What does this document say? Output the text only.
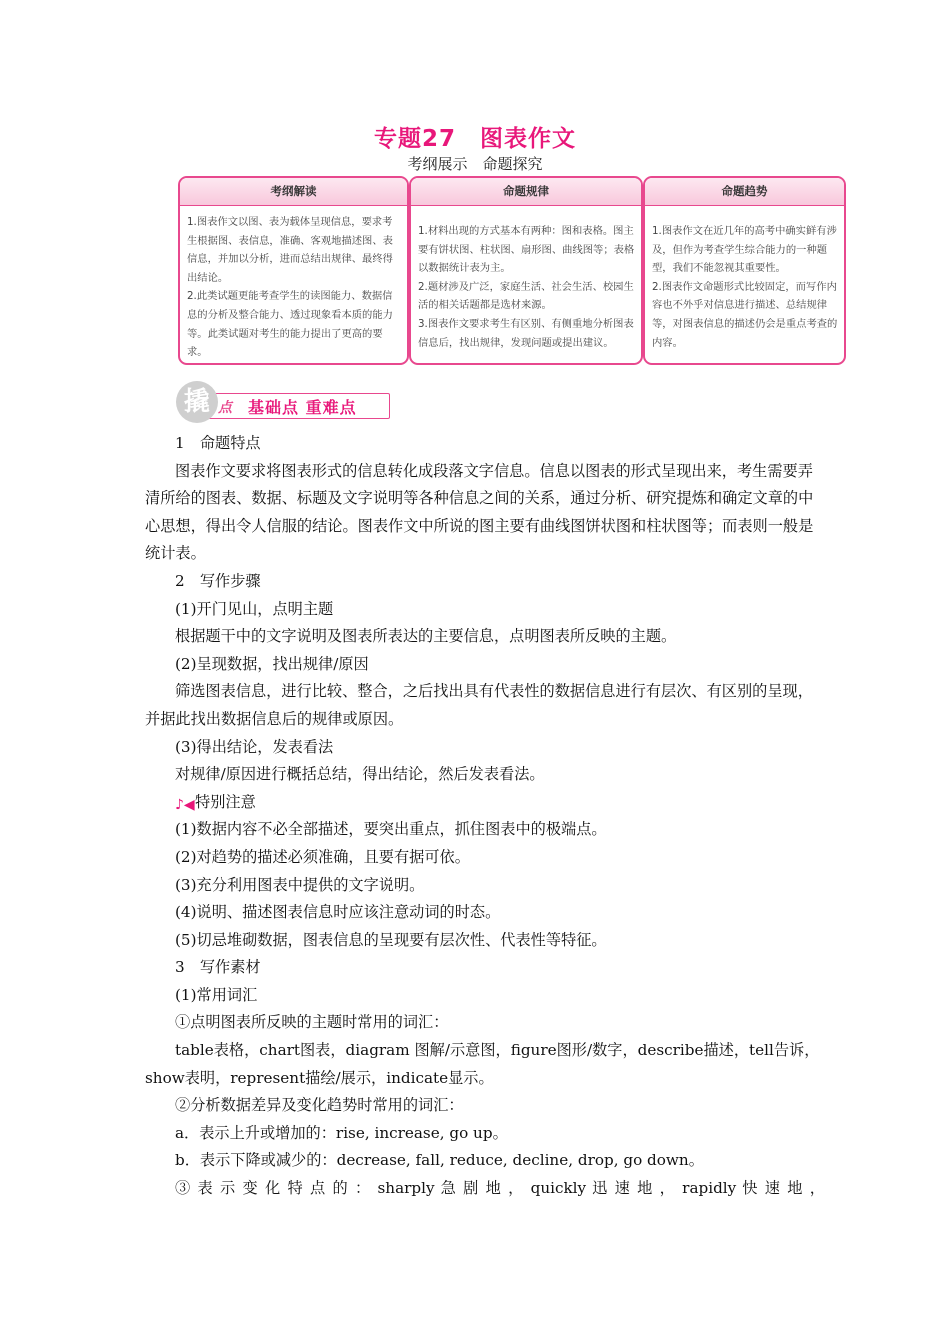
专题27　图表作文
考纲展示　命题探究
考纲解读

1.图表作文以图、表为载体呈现信息，要求考生根据图、表信息，准确、客观地描述图、表信息，并加以分析，进而总结出规律、最终得出结论。

2.此类试题更能考查学生的读图能力、数据信息的分析及整合能力、透过现象看本质的能力等。此类试题对考生的能力提出了更高的要求。

命题规律

1.材料出现的方式基本有两种：图和表格。图主要有饼状图、柱状图、扇形图、曲线图等；表格以数据统计表为主。

2.题材涉及广泛，家庭生活、社会生活、校园生活的相关话题都是选材来源。

3.图表作文要求考生有区别、有侧重地分析图表信息后，找出规律，发现问题或提出建议。

命题趋势

1.图表作文在近几年的高考中确实鲜有涉及，但作为考查学生综合能力的一种题型，我们不能忽视其重要性。

2.图表作文命题形式比较固定，而写作内容也不外乎对信息进行描述、总结规律等，对图表信息的描述仍会是重点考查的内容。

点 基础点 重难点
撬

1　命题特点

图表作文要求将图表形式的信息转化成段落文字信息。信息以图表的形式呈现出来，考生需要弄清所给的图表、数据、标题及文字说明等各种信息之间的关系，通过分析、研究提炼和确定文章的中心思想，得出令人信服的结论。图表作文中所说的图主要有曲线图饼状图和柱状图等；而表则一般是统计表。

2　写作步骤

(1)开门见山，点明主题

根据题干中的文字说明及图表所表达的主要信息，点明图表所反映的主题。

(2)呈现数据，找出规律/原因

筛选图表信息，进行比较、整合，之后找出具有代表性的数据信息进行有层次、有区别的呈现，并据此找出数据信息后的规律或原因。

(3)得出结论，发表看法

对规律/原因进行概括总结，得出结论，然后发表看法。

♪◀特别注意

(1)数据内容不必全部描述，要突出重点，抓住图表中的极端点。

(2)对趋势的描述必须准确，且要有据可依。

(3)充分利用图表中提供的文字说明。

(4)说明、描述图表信息时应该注意动词的时态。

(5)切忌堆砌数据，图表信息的呈现要有层次性、代表性等特征。

3　写作素材

(1)常用词汇

①点明图表所反映的主题时常用的词汇：

table表格，chart图表，diagram 图解/示意图，figure图形/数字，describe描述，tell告诉，show表明，represent描绘/展示，indicate显示。

②分析数据差异及变化趋势时常用的词汇：

a．表示上升或增加的：rise, increase, go up。

b．表示下降或减少的：decrease, fall, reduce, decline, drop, go down。

③ 表 示 变 化 特 点 的 ： sharply 急 剧 地 ， quickly 迅 速 地 ， rapidly 快 速 地 ，
